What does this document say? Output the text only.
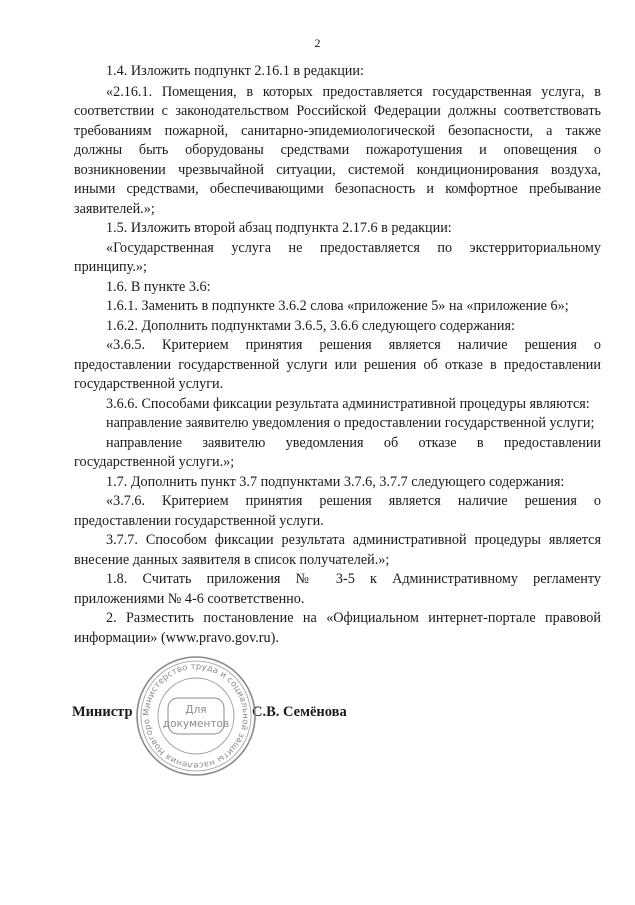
2

1.4. Изложить подпункт 2.16.1 в редакции:

«2.16.1. Помещения, в которых предоставляется государственная услуга, в соответствии с законодательством Российской Федерации должны соответствовать требованиям пожарной, санитарно-эпидемиологической безопасности, а также должны быть оборудованы средствами пожаротушения и оповещения о возникновении чрезвычайной ситуации, системой кондиционирования воздуха, иными средствами, обеспечивающими безопасность и комфортное пребывание заявителей.»;

1.5. Изложить второй абзац подпункта 2.17.6 в редакции:

«Государственная услуга не предоставляется по экстерриториальному принципу.»;

1.6. В пункте 3.6:

1.6.1. Заменить в подпункте 3.6.2 слова «приложение 5» на «приложение 6»;

1.6.2. Дополнить подпунктами 3.6.5, 3.6.6 следующего содержания:

«3.6.5. Критерием принятия решения является наличие решения о предоставлении государственной услуги или решения об отказе в предоставлении государственной услуги.

3.6.6. Способами фиксации результата административной процедуры являются:

направление заявителю уведомления о предоставлении государственной услуги;

направление заявителю уведомления об отказе в предоставлении государственной услуги.»;

1.7. Дополнить пункт 3.7 подпунктами 3.7.6, 3.7.7 следующего содержания:

«3.7.6. Критерием принятия решения является наличие решения о предоставлении государственной услуги.

3.7.7. Способом фиксации результата административной процедуры является внесение данных заявителя в список получателей.»;

1.8. Считать приложения № 3-5 к Административному регламенту приложениями № 4-6 соответственно.

2. Разместить постановление на «Официальном интернет-портале правовой информации» (www.pravo.gov.ru).

Министр	С.В. Семёнова
Министерство труда и социальной защиты населения Новгоро
Для
документов
